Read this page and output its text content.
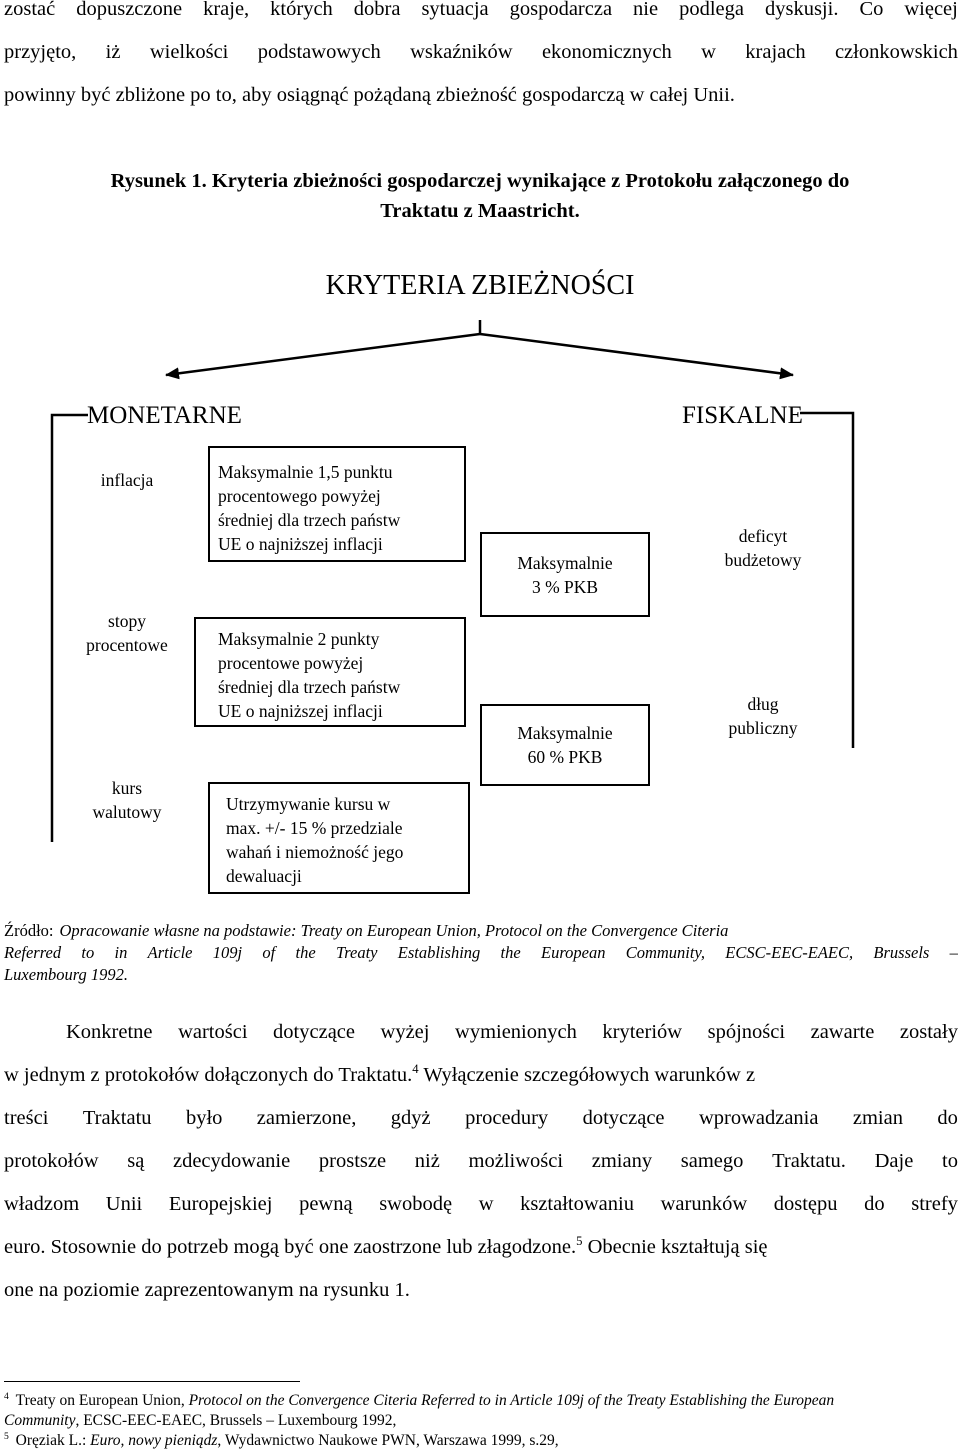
zostać dopuszczone kraje, których dobra sytuacja gospodarcza nie podlega dyskusji. Co więcej
przyjęto, iż wielkości podstawowych wskaźników ekonomicznych w krajach członkowskich
powinny być zbliżone po to, aby osiągnąć pożądaną zbieżność gospodarczą w całej Unii.
Rysunek 1. Kryteria zbieżności gospodarczej wynikające z Protokołu załączonego do
Traktatu z Maastricht.
KRYTERIA ZBIEŻNOŚCI
MONETARNE	FISKALNE
inflacja
stopy
procentowe
kurs
walutowy
Maksymalnie 1,5 punktu
procentowego powyżej
średniej dla trzech państw
UE o najniższej inflacji
Maksymalnie 2 punkty
procentowe powyżej
średniej dla trzech państw
UE o najniższej inflacji
Utrzymywanie kursu w
max. +/- 15 % przedziale
wahań i niemożność jego
dewaluacji
Maksymalnie
3 % PKB
Maksymalnie
60 % PKB
deficyt
budżetowy
dług
publiczny
Źródło: Opracowanie własne na podstawie: Treaty on European Union, Protocol on the Convergence Citeria
Referred to in Article 109j of the Treaty Establishing the European Community, ECSC-EEC-EAEC, Brussels –
Luxembourg 1992.
Konkretne wartości dotyczące wyżej wymienionych kryteriów spójności zawarte zostały
w jednym z protokołów dołączonych do Traktatu.$^4$ Wyłączenie szczegółowych warunków z
treści Traktatu było zamierzone, gdyż procedury dotyczące wprowadzania zmian do
protokołów są zdecydowanie prostsze niż możliwości zmiany samego Traktatu. Daje to
władzom Unii Europejskiej pewną swobodę w kształtowaniu warunków dostępu do strefy
euro. Stosownie do potrzeb mogą być one zaostrzone lub złagodzone.$^5$ Obecnie kształtują się
one na poziomie zaprezentowanym na rysunku 1.
$^4$ Treaty on European Union, Protocol on the Convergence Citeria Referred to in Article 109j of the Treaty Establishing the European
Community, ECSC-EEC-EAEC, Brussels – Luxembourg 1992,
$^5$ Oręziak L.: Euro, nowy pieniądz, Wydawnictwo Naukowe PWN, Warszawa 1999, s.29,
